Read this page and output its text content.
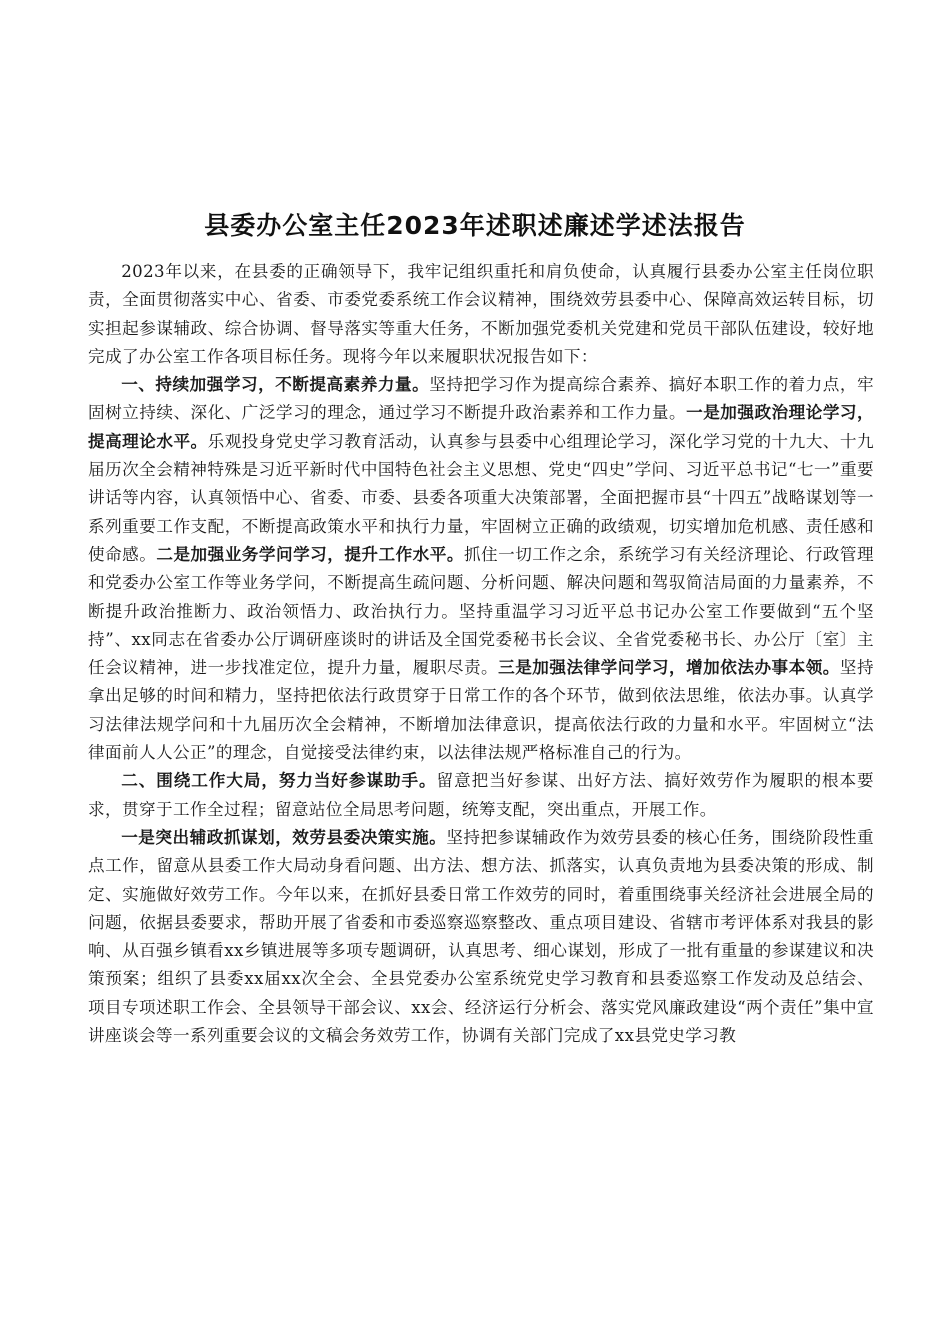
县委办公室主任2023年述职述廉述学述法报告

2023年以来，在县委的正确领导下，我牢记组织重托和肩负使命，认真履行县委办公室主任岗位职责，全面贯彻落实中心、省委、市委党委系统工作会议精神，围绕效劳县委中心、保障高效运转目标，切实担起参谋辅政、综合协调、督导落实等重大任务，不断加强党委机关党建和党员干部队伍建设，较好地完成了办公室工作各项目标任务。现将今年以来履职状况报告如下：

一、持续加强学习，不断提高素养力量。坚持把学习作为提高综合素养、搞好本职工作的着力点，牢固树立持续、深化、广泛学习的理念，通过学习不断提升政治素养和工作力量。一是加强政治理论学习，提高理论水平。乐观投身党史学习教育活动，认真参与县委中心组理论学习，深化学习党的十九大、十九届历次全会精神特殊是习近平新时代中国特色社会主义思想、党史“四史”学问、习近平总书记“七一”重要讲话等内容，认真领悟中心、省委、市委、县委各项重大决策部署，全面把握市县“十四五”战略谋划等一系列重要工作支配，不断提高政策水平和执行力量，牢固树立正确的政绩观，切实增加危机感、责任感和使命感。二是加强业务学问学习，提升工作水平。抓住一切工作之余，系统学习有关经济理论、行政管理和党委办公室工作等业务学问，不断提高生疏问题、分析问题、解决问题和驾驭简洁局面的力量素养，不断提升政治推断力、政治领悟力、政治执行力。坚持重温学习习近平总书记办公室工作要做到“五个坚持”、xx同志在省委办公厅调研座谈时的讲话及全国党委秘书长会议、全省党委秘书长、办公厅〔室〕主任会议精神，进一步找准定位，提升力量，履职尽责。三是加强法律学问学习，增加依法办事本领。坚持拿出足够的时间和精力，坚持把依法行政贯穿于日常工作的各个环节，做到依法思维，依法办事。认真学习法律法规学问和十九届历次全会精神，不断增加法律意识，提高依法行政的力量和水平。牢固树立“法律面前人人公正”的理念，自觉接受法律约束，以法律法规严格标准自己的行为。

二、围绕工作大局，努力当好参谋助手。留意把当好参谋、出好方法、搞好效劳作为履职的根本要求，贯穿于工作全过程；留意站位全局思考问题，统筹支配，突出重点，开展工作。

一是突出辅政抓谋划，效劳县委决策实施。坚持把参谋辅政作为效劳县委的核心任务，围绕阶段性重点工作，留意从县委工作大局动身看问题、出方法、想方法、抓落实，认真负责地为县委决策的形成、制定、实施做好效劳工作。今年以来，在抓好县委日常工作效劳的同时，着重围绕事关经济社会进展全局的问题，依据县委要求，帮助开展了省委和市委巡察巡察整改、重点项目建设、省辖市考评体系对我县的影响、从百强乡镇看xx乡镇进展等多项专题调研，认真思考、细心谋划，形成了一批有重量的参谋建议和决策预案；组织了县委xx届xx次全会、全县党委办公室系统党史学习教育和县委巡察工作发动及总结会、项目专项述职工作会、全县领导干部会议、xx会、经济运行分析会、落实党风廉政建设“两个责任”集中宣讲座谈会等一系列重要会议的文稿会务效劳工作，协调有关部门完成了xx县党史学习教
